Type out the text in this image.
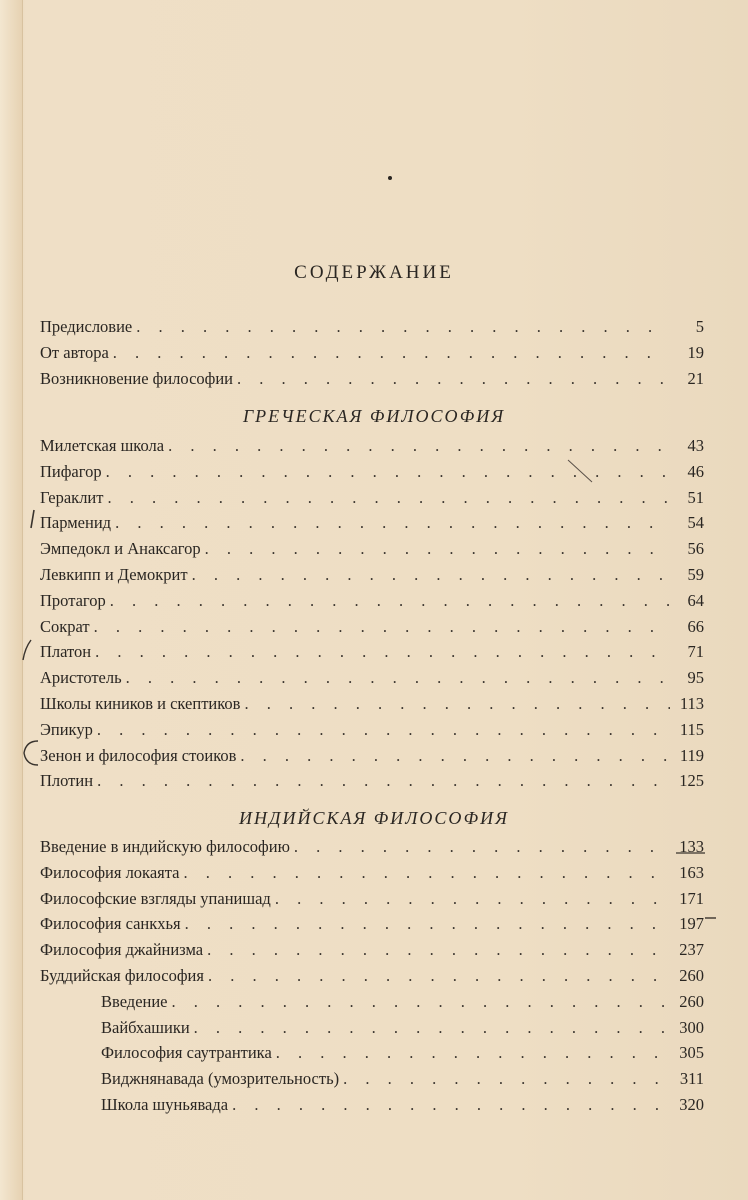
СОДЕРЖАНИЕ
Предисловие . . .	5
От автора . . .	19
Возникновение философии . . .	21
ГРЕЧЕСКАЯ ФИЛОСОФИЯ
Милетская школа . . .	43
Пифагор . . .	46
Гераклит . . .	51
Парменид . . .	54
Эмпедокл и Анаксагор . . .	56
Левкипп и Демокрит . . .	59
Протагор . . .	64
Сократ . . .	66
Платон . . .	71
Аристотель . . .	95
Школы киников и скептиков . . .	113
Эпикур . . .	115
Зенон и философия стоиков . . .	119
Плотин . . .	125
ИНДИЙСКАЯ ФИЛОСОФИЯ
Введение в индийскую философию . . .	133
Философия локаята . . .	163
Философские взгляды упанишад . . .	171
Философия санкхья . . .	197
Философия джайнизма . . .	237
Буддийская философия . . .	260
Введение . . .	260
Вайбхашики . . .	300
Философия саутрантика . . .	305
Виджнянавада (умозрительность) . . .	311
Школа шуньявада . . .	320
